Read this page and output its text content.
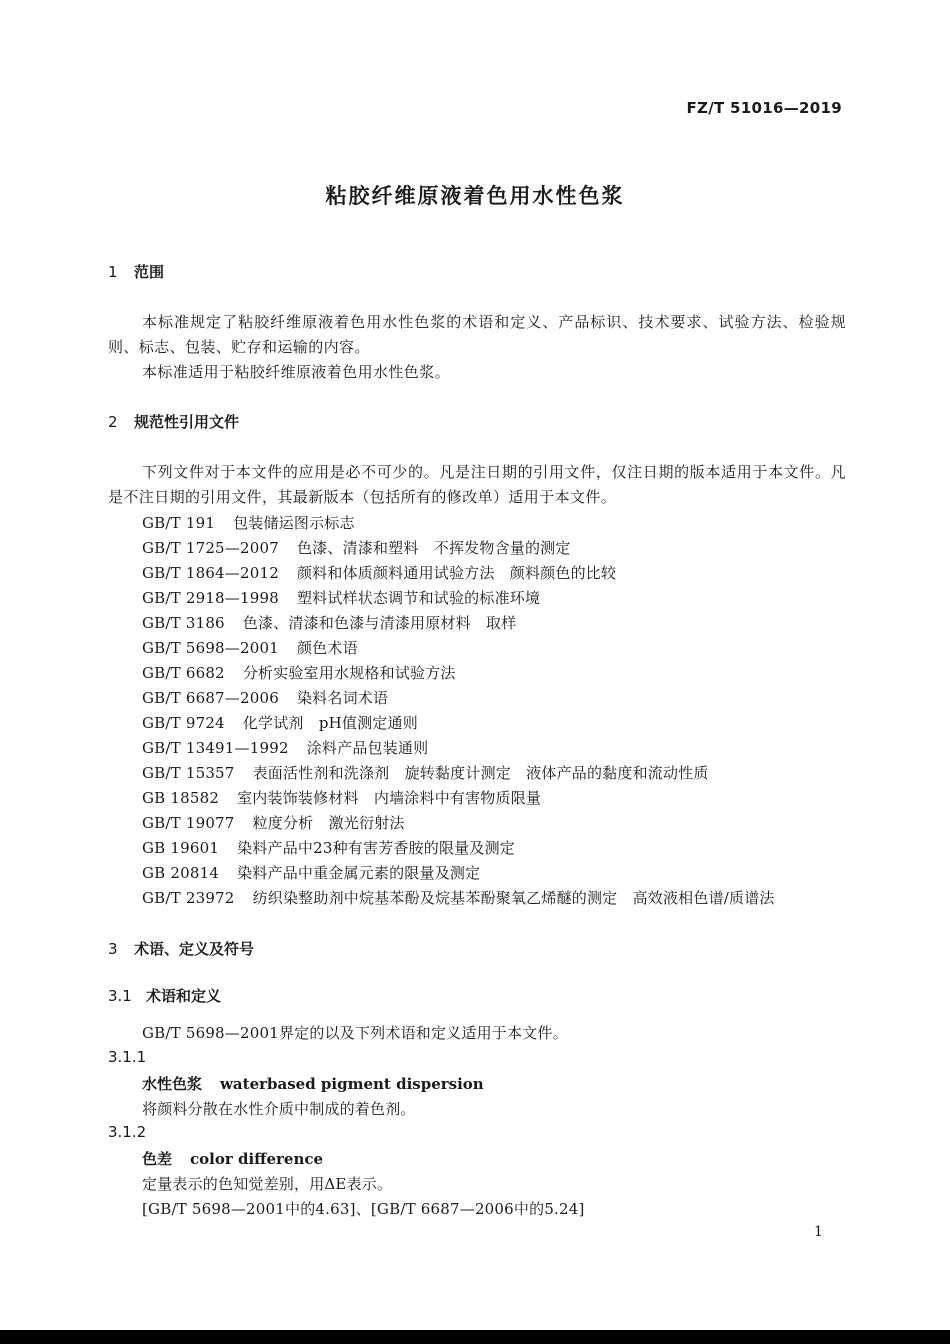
FZ/T 51016—2019
粘胶纤维原液着色用水性色浆
1 范围
本标准规定了粘胶纤维原液着色用水性色浆的术语和定义、产品标识、技术要求、试验方法、检验规则、标志、包装、贮存和运输的内容。
本标准适用于粘胶纤维原液着色用水性色浆。
2 规范性引用文件
下列文件对于本文件的应用是必不可少的。凡是注日期的引用文件，仅注日期的版本适用于本文件。凡是不注日期的引用文件，其最新版本（包括所有的修改单）适用于本文件。
GB/T 191 包装储运图示标志
GB/T 1725—2007 色漆、清漆和塑料　不挥发物含量的测定
GB/T 1864—2012 颜料和体质颜料通用试验方法　颜料颜色的比较
GB/T 2918—1998 塑料试样状态调节和试验的标准环境
GB/T 3186 色漆、清漆和色漆与清漆用原材料　取样
GB/T 5698—2001 颜色术语
GB/T 6682 分析实验室用水规格和试验方法
GB/T 6687—2006 染料名词术语
GB/T 9724 化学试剂　pH值测定通则
GB/T 13491—1992 涂料产品包装通则
GB/T 15357 表面活性剂和洗涤剂　旋转黏度计测定　液体产品的黏度和流动性质
GB 18582 室内装饰装修材料　内墙涂料中有害物质限量
GB/T 19077 粒度分析　激光衍射法
GB 19601 染料产品中23种有害芳香胺的限量及测定
GB 20814 染料产品中重金属元素的限量及测定
GB/T 23972 纺织染整助剂中烷基苯酚及烷基苯酚聚氧乙烯醚的测定　高效液相色谱/质谱法
3 术语、定义及符号
3.1 术语和定义
GB/T 5698—2001界定的以及下列术语和定义适用于本文件。
3.1.1
水性色浆 waterbased pigment dispersion
将颜料分散在水性介质中制成的着色剂。
3.1.2
色差 color difference
定量表示的色知觉差别，用ΔE表示。
[GB/T 5698—2001中的4.63]、[GB/T 6687—2006中的5.24]
1
